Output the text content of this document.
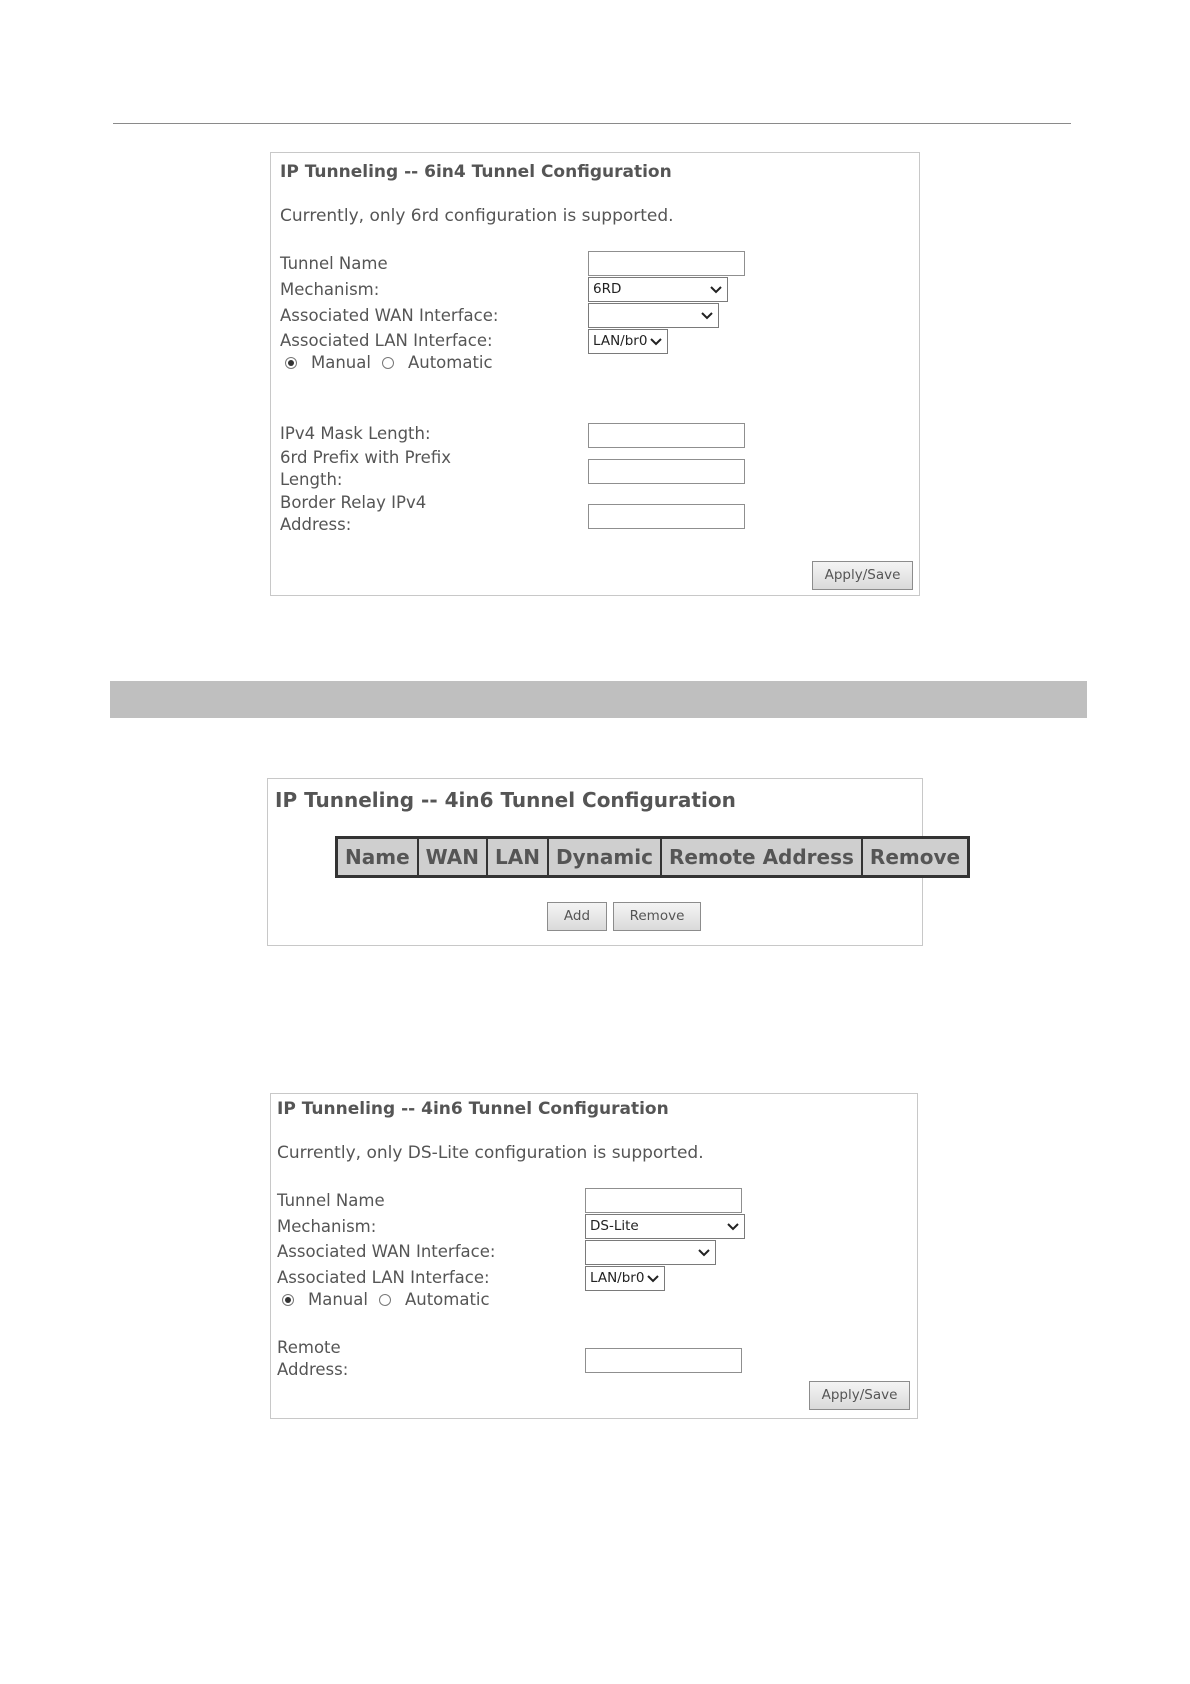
IP Tunneling -- 6in4 Tunnel Configuration
Currently, only 6rd configuration is supported.
Tunnel Name
Mechanism:	6RD
Associated WAN Interface:
Associated LAN Interface:	LAN/br0
Manual Automatic
IPv4 Mask Length:
6rd Prefix with Prefix
Length:
Border Relay IPv4
Address:
Apply/Save
IP Tunneling -- 4in6 Tunnel Configuration
Name	WAN	LAN	Dynamic	Remote Address	Remove
Add	Remove
IP Tunneling -- 4in6 Tunnel Configuration
Currently, only DS-Lite configuration is supported.
Tunnel Name
Mechanism:	DS-Lite
Associated WAN Interface:
Associated LAN Interface:	LAN/br0
Manual Automatic
Remote
Address:
Apply/Save
